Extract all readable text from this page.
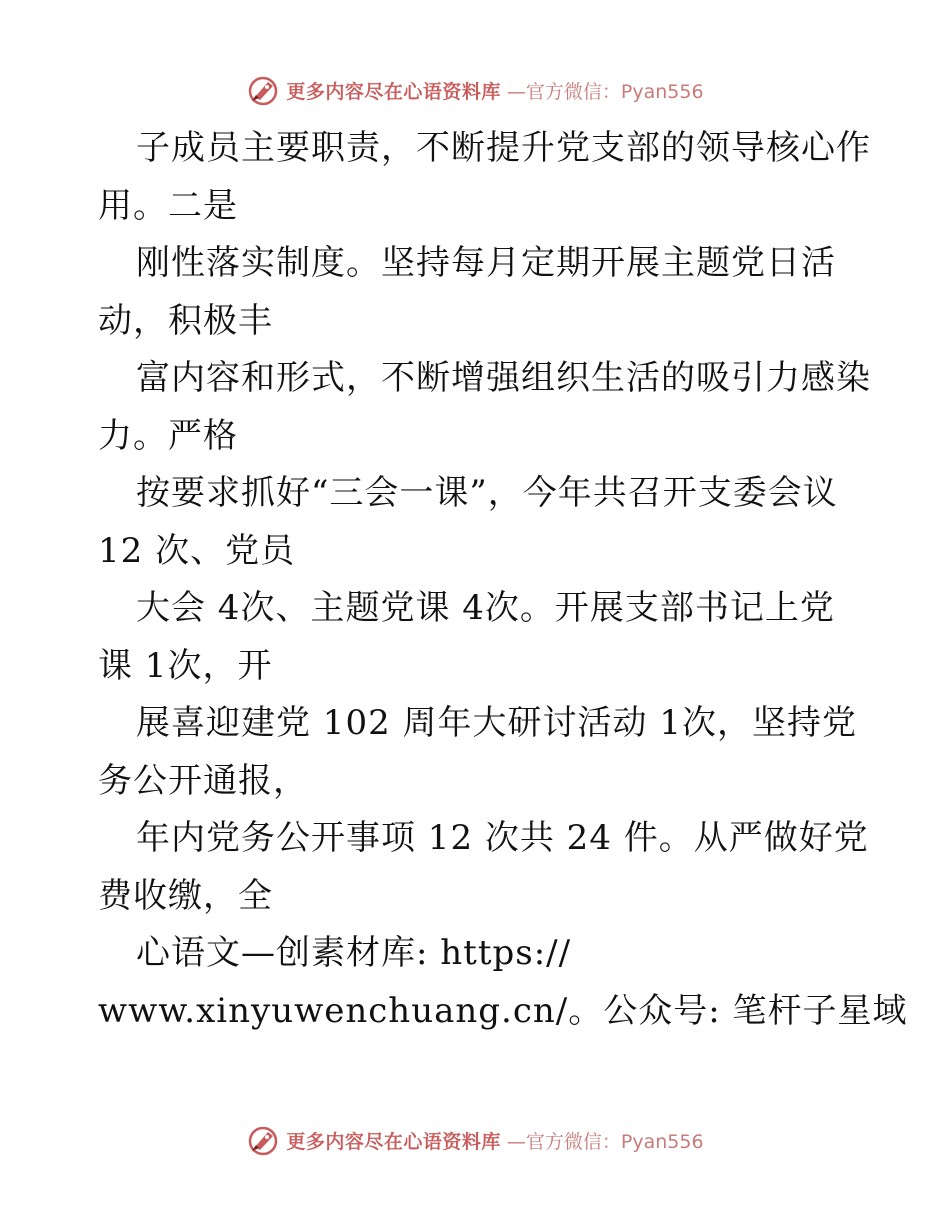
更多内容尽在心语资料库 —官方微信：Pyan556
子成员主要职责，不断提升党支部的领导核心作
用。二是
刚性落实制度。坚持每月定期开展主题党日活
动，积极丰
富内容和形式，不断增强组织生活的吸引力感染
力。严格
按要求抓好“三会一课”，今年共召开支委会议
12 次、党员
大会 4次、主题党课 4次。开展支部书记上党
课 1次，开
展喜迎建党 102 周年大研讨活动 1次，坚持党
务公开通报，
年内党务公开事项 12 次共 24 件。从严做好党
费收缴，全
心语文—创素材库: https://
www.xinyuwenchuang.cn/。公众号: 笔杆子星域
更多内容尽在心语资料库 —官方微信：Pyan556
